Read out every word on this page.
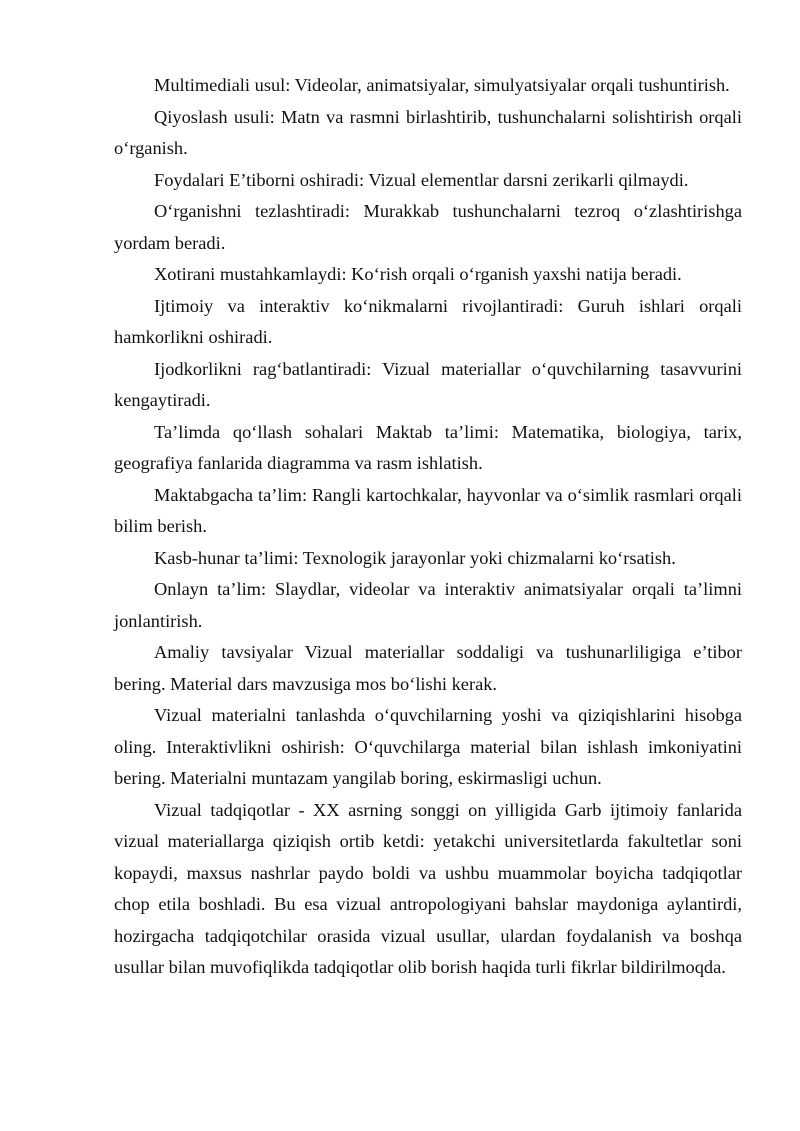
Multimediali usul: Videolar, animatsiyalar, simulyatsiyalar orqali tushuntirish.

Qiyoslash usuli: Matn va rasmni birlashtirib, tushunchalarni solishtirish orqali o‘rganish.

Foydalari E’tiborni oshiradi: Vizual elementlar darsni zerikarli qilmaydi.

O‘rganishni tezlashtiradi: Murakkab tushunchalarni tezroq o‘zlashtirishga yordam beradi.

Xotirani mustahkamlaydi: Ko‘rish orqali o‘rganish yaxshi natija beradi.

Ijtimoiy va interaktiv ko‘nikmalarni rivojlantiradi: Guruh ishlari orqali hamkorlikni oshiradi.

Ijodkorlikni rag‘batlantiradi: Vizual materiallar o‘quvchilarning tasavvurini kengaytiradi.

Ta’limda qo‘llash sohalari Maktab ta’limi: Matematika, biologiya, tarix, geografiya fanlarida diagramma va rasm ishlatish.

Maktabgacha ta’lim: Rangli kartochkalar, hayvonlar va o‘simlik rasmlari orqali bilim berish.

Kasb-hunar ta’limi: Texnologik jarayonlar yoki chizmalarni ko‘rsatish.

Onlayn ta’lim: Slaydlar, videolar va interaktiv animatsiyalar orqali ta’limni jonlantirish.

Amaliy tavsiyalar Vizual materiallar soddaligi va tushunarliligiga e’tibor bering. Material dars mavzusiga mos bo‘lishi kerak.

Vizual materialni tanlashda o‘quvchilarning yoshi va qiziqishlarini hisobga oling. Interaktivlikni oshirish: O‘quvchilarga material bilan ishlash imkoniyatini bering. Materialni muntazam yangilab boring, eskirmasligi uchun.

Vizual tadqiqotlar - XX asrning songgi on yilligida Garb ijtimoiy fanlarida vizual materiallarga qiziqish ortib ketdi: yetakchi universitetlarda fakultetlar soni kopaydi, maxsus nashrlar paydo boldi va ushbu muammolar boyicha tadqiqotlar chop etila boshladi. Bu esa vizual antropologiyani bahslar maydoniga aylantirdi, hozirgacha tadqiqotchilar orasida vizual usullar, ulardan foydalanish va boshqa usullar bilan muvofiqlikda tadqiqotlar olib borish haqida turli fikrlar bildirilmoqda.
